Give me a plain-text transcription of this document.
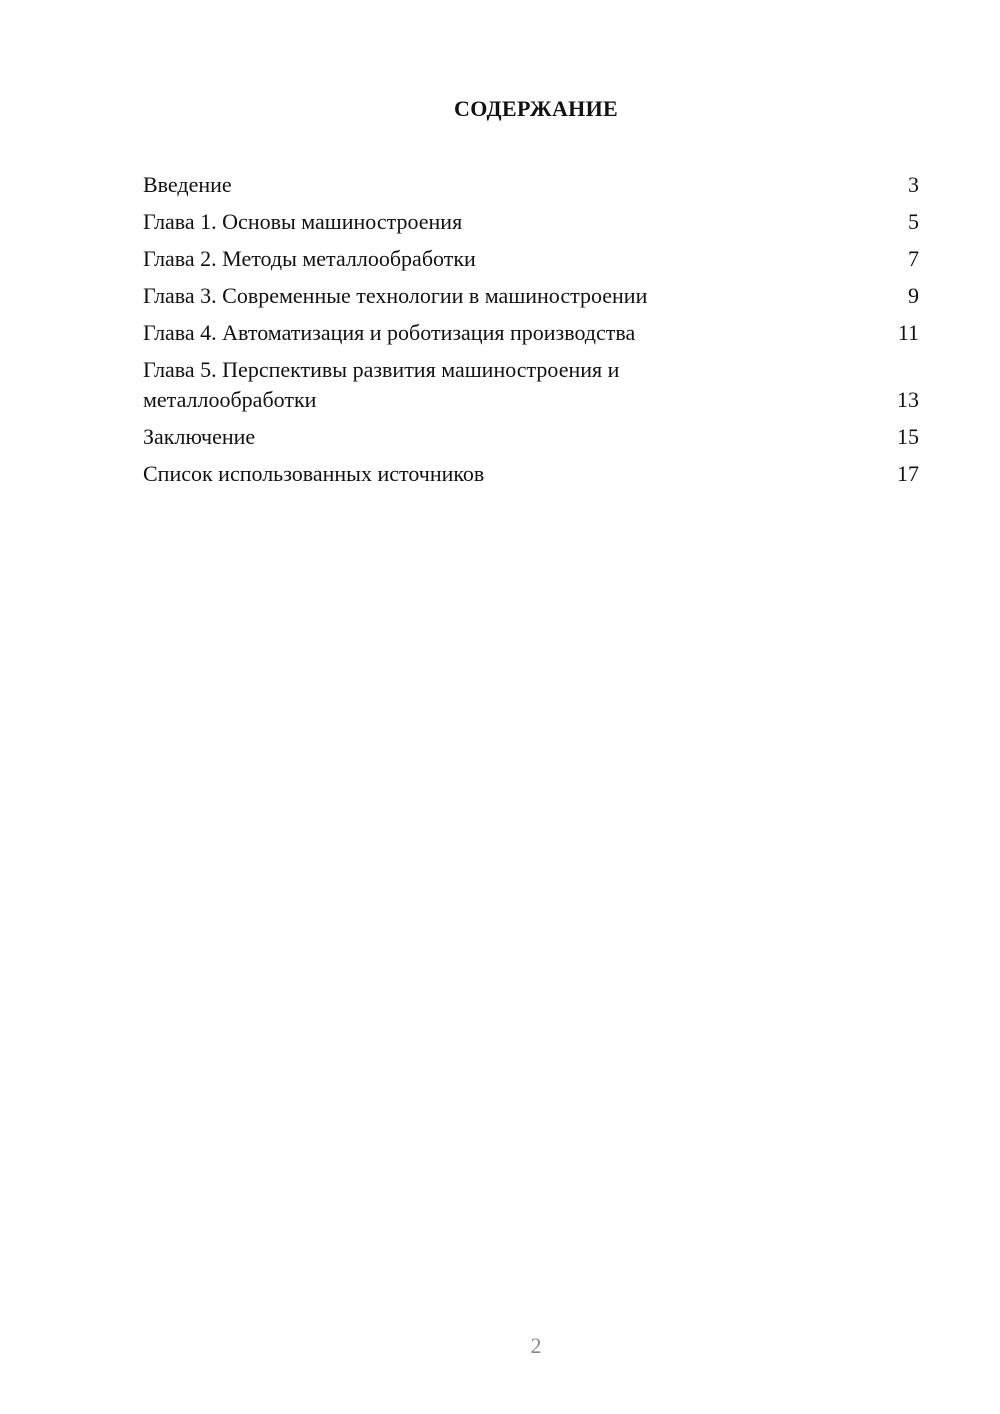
СОДЕРЖАНИЕ
Введение	3
Глава 1. Основы машиностроения	5
Глава 2. Методы металлообработки	7
Глава 3. Современные технологии в машиностроении	9
Глава 4. Автоматизация и роботизация производства	11
Глава 5. Перспективы развития машиностроения и металлообработки	13
Заключение	15
Список использованных источников	17
2
